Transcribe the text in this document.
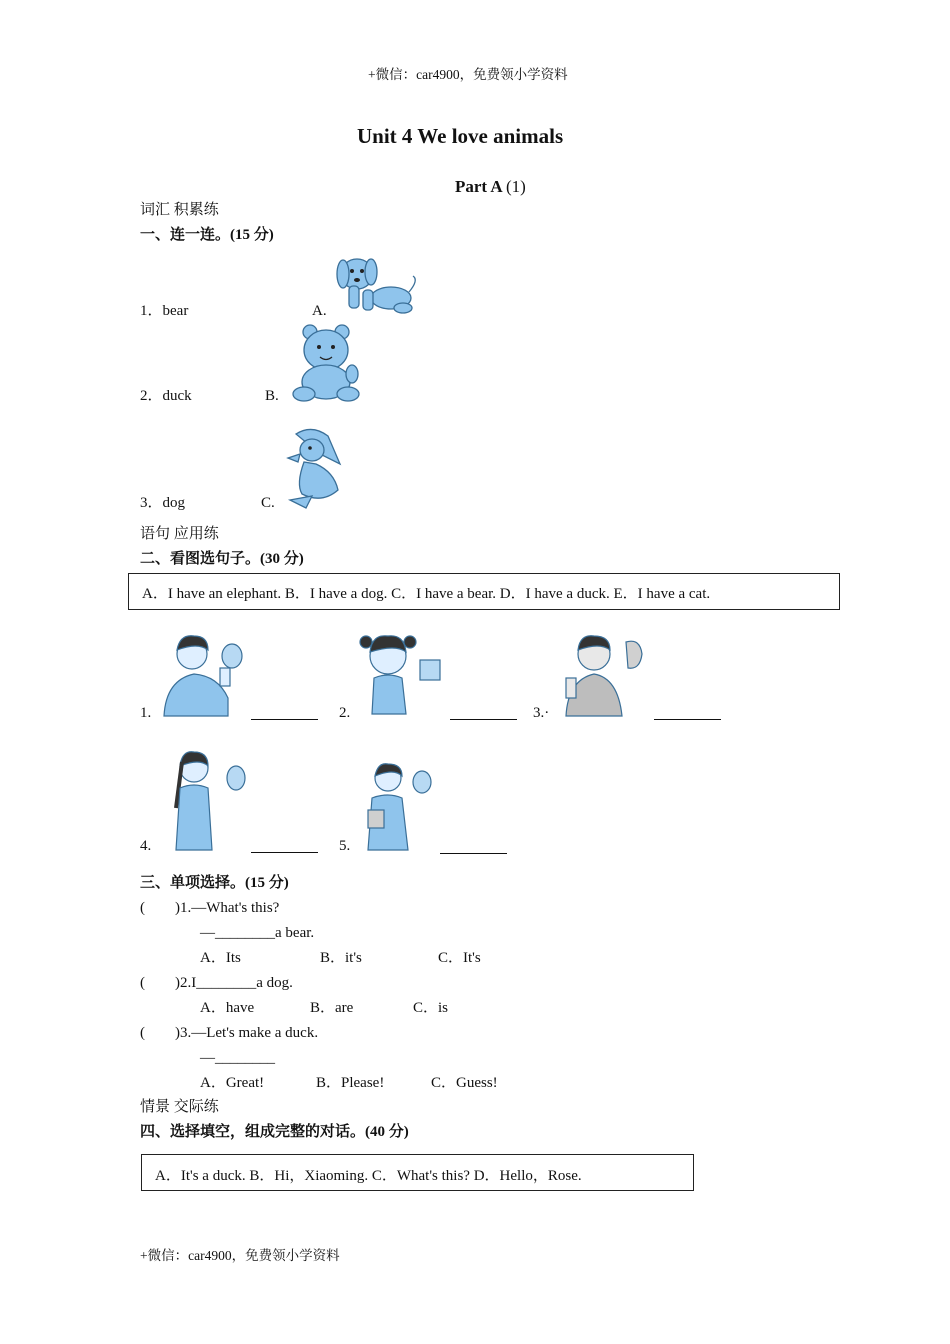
+微信：car4900，免费领小学资料
Unit 4 We love animals
Part A (1)
词汇 积累练
一、连一连。(15 分)
1．bear	A.
2．duck	B.
3．dog	C.
语句 应用练
二、看图选句子。(30 分)
A．I have an elephant. B．I have a dog. C．I have a bear. D．I have a duck. E．I have a cat.
1.	2.	3.·
4.	5.
三、单项选择。(15 分)
(        )1.—What's this?
—________a bear.
A．Its	B．it's	C．It's
(        )2.I________a dog.
A．have	B．are	C．is
(        )3.—Let's make a duck.
—________
A．Great!	B．Please!	C．Guess!
情景 交际练
四、选择填空，组成完整的对话。(40 分)
A．It's a duck. B．Hi，Xiaoming. C．What's this? D．Hello，Rose.
+微信：car4900，免费领小学资料
